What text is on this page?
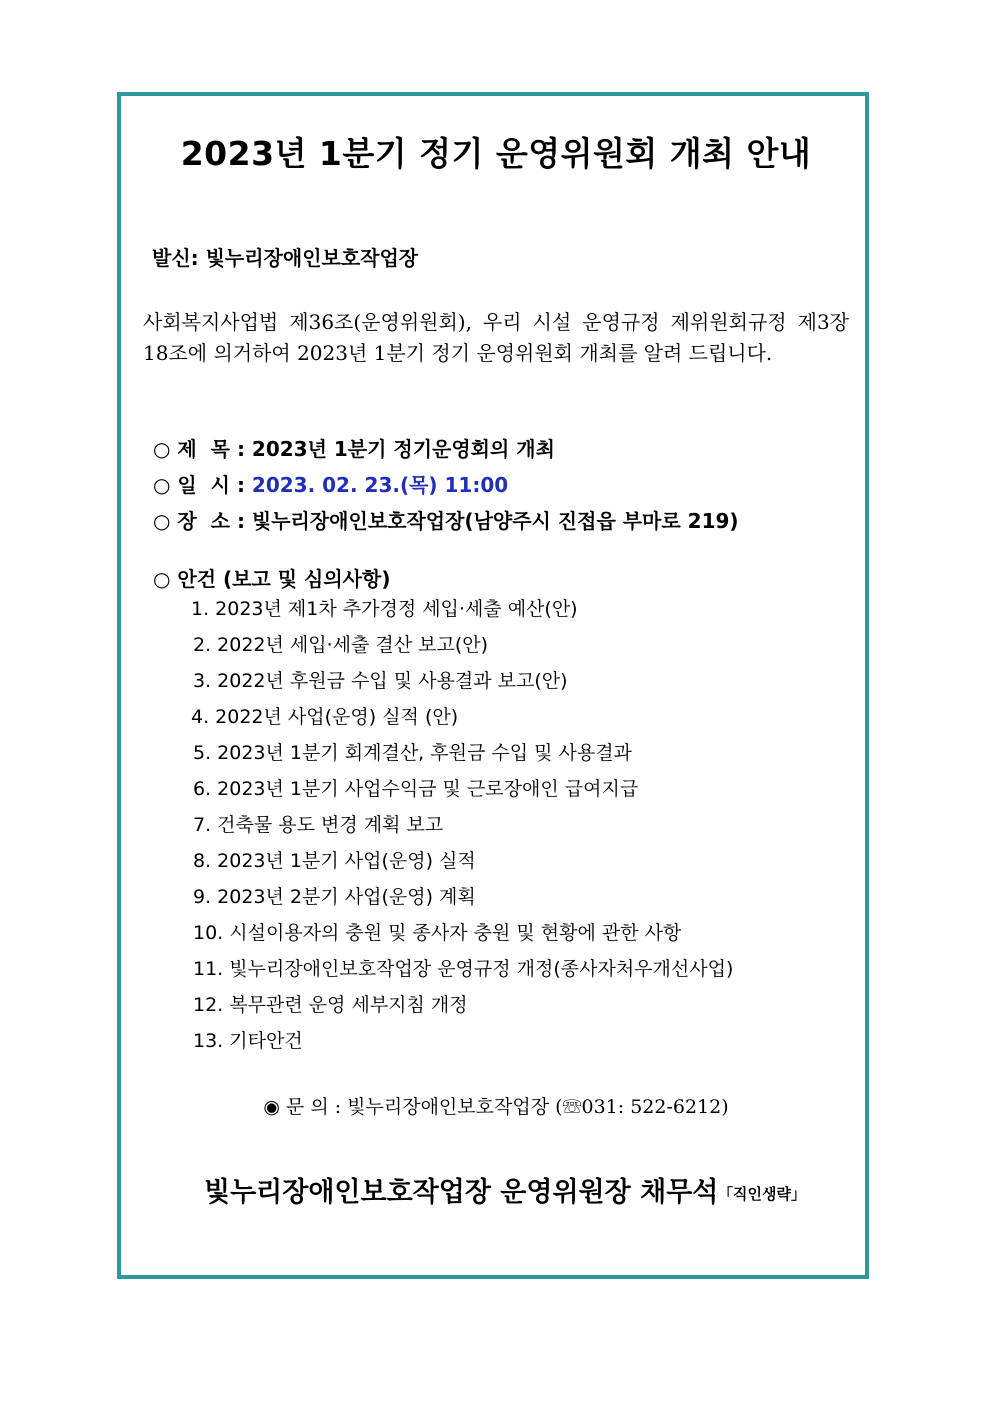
2023년 1분기 정기 운영위원회 개최 안내
발신: 빛누리장애인보호작업장
사회복지사업법 제36조(운영위원회), 우리 시설 운영규정 제위원회규정 제3장 18조에 의거하여 2023년 1분기 정기 운영위원회 개최를 알려 드립니다.
○ 제  목 : 2023년 1분기 정기운영회의 개최
○ 일  시 : 2023. 02. 23.(목) 11:00
○ 장  소 : 빛누리장애인보호작업장(남양주시 진접읍 부마로 219)
○ 안건 (보고 및 심의사항)
1. 2023년 제1차 추가경정 세입·세출 예산(안)
2. 2022년 세입·세출 결산 보고(안)
3. 2022년 후원금 수입 및 사용결과 보고(안)
4. 2022년 사업(운영) 실적 (안)
5. 2023년 1분기 회계결산, 후원금 수입 및 사용결과
6. 2023년 1분기 사업수익금 및 근로장애인 급여지급
7. 건축물 용도 변경 계획 보고
8. 2023년 1분기 사업(운영) 실적
9. 2023년 2분기 사업(운영) 계획
10. 시설이용자의 충원 및 종사자 충원 및 현황에 관한 사항
11. 빛누리장애인보호작업장 운영규정 개정(종사자처우개선사업)
12. 복무관련 운영 세부지침 개정
13. 기타안건
◉ 문 의 : 빛누리장애인보호작업장 (☏031: 522-6212)
빛누리장애인보호작업장 운영위원장 채무석 「직인생략」
